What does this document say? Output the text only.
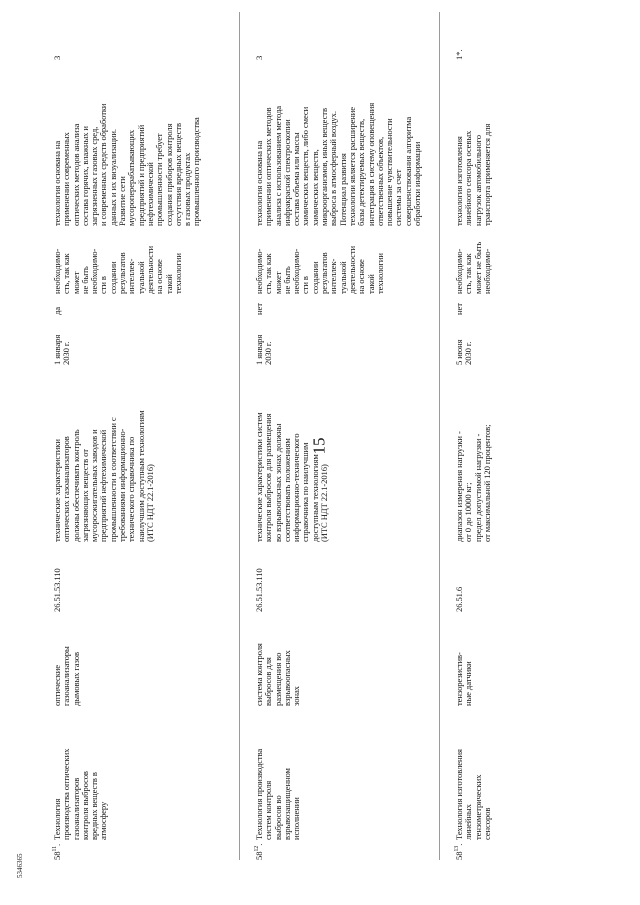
15
5346365	$58^{11}$.
Технология
производства оптических
газоанализаторов
контроля выбросов
вредных веществ в
атмосферу
оптические
газоанализаторы
дымовых газов
26.51.53.110
технические характеристики
оптических газоанализаторов
должны обеспечивать контроль
загрязняющих веществ от
мусоросжигательных заводов и
предприятий нефтехимической
промышленности в соответствии с
требованиями информационно-
технического справочника по
наилучшим доступным технологиям
(ИТС НДТ 22.1-2016)
1 января
2030 г.
да
необходимо-
сть, так как
может
не быть
необходимо-
сти в
создании
результатов
интеллек-
туальной
деятельности
на основе
такой
технологии
технология основана на
применении современных
оптических методов анализа
состава горячих, влажных и
загрязненных газовых сред,
и современных средств обработки
данных и их визуализации.
Развитие сети
мусороперерабатывающих
предприятий и предприятий
нефтехимической
промышленности требует
создания приборов контроля
отсутствия вредных веществ
в газовых продуктах
промышленного производства
3
$58^{12}$.
Технология производства
систем контроля
выбросов во
взрывозащищенном
исполнении
система контроля
выбросов для
размещения во
взрывоопасных
зонах
26.51.53.110
технические характеристики систем
контроля выбросов для размещения
во взрывоопасных зонах должны
соответствовать положениям
информационно-технического
справочника по наилучшим
доступным технологиям
(ИТС НДТ 22.1-2016)
1 января
2030 г.
нет
необходимо-
сть, так как
может
не быть
необходимо-
сти в
создании
результатов
интеллек-
туальной
деятельности
на основе
такой
технологии
технология основана на
применении оптических методов
анализа с использованием метода
инфракрасной спектроскопии
состава объема или массы
химических веществ, либо смеси
химических веществ,
микроорганизмов, иных веществ
выброса в атмосферный воздух.
Потенциал развития
технологии является расширение
базы детектируемых веществ,
интеграция в систему оповещения
ответственных объектов,
повышение чувствительности
системы за счет
совершенствования алгоритма
обработки информации
3
$58^{13}$.
Технология изготовления
линейных
тензометрических
сенсоров
тензорезистив-
ные датчики
26.51.6
диапазон измерения нагрузки -
от 0 до 10000 кг;
предел допустимой нагрузки -
от максимальной 120 процентов;
5 июня
2030 г.
нет
необходимо-
сть, так как
может не быть
необходимо-
технология изготовления
линейного сенсора осевых
нагрузок автомобильного
транспорта применяется для
1*.
